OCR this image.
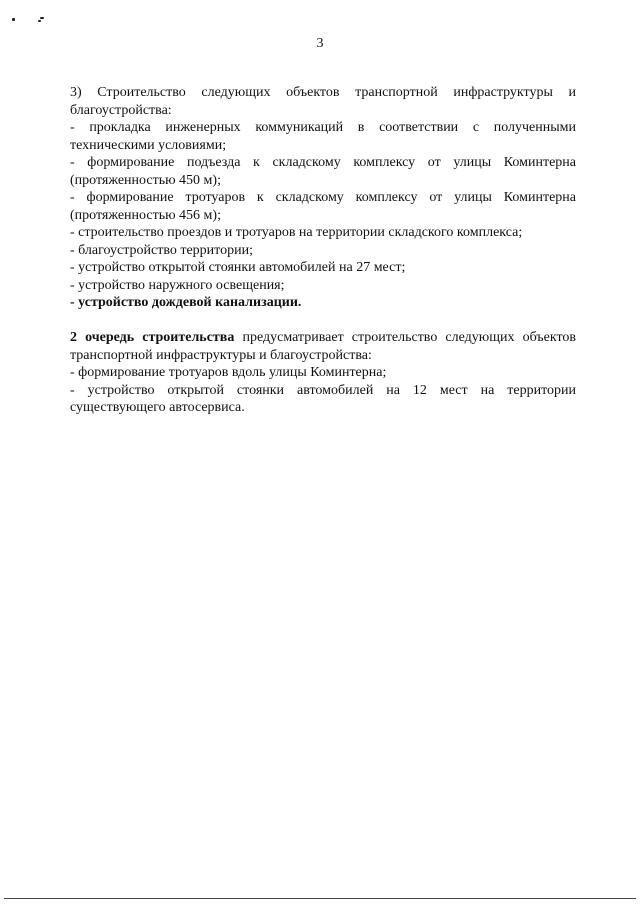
3

3) Строительство следующих объектов транспортной инфраструктуры и благоустройства:

- прокладка инженерных коммуникаций в соответствии с полученными техническими условиями;

- формирование подъезда к складскому комплексу от улицы Коминтерна (протяженностью 450 м);

- формирование тротуаров к складскому комплексу от улицы Коминтерна (протяженностью 456 м);

- строительство проездов и тротуаров на территории складского комплекса;

- благоустройство территории;

- устройство открытой стоянки автомобилей на 27 мест;

- устройство наружного освещения;

- устройство дождевой канализации.

2 очередь строительства предусматривает строительство следующих объектов транспортной инфраструктуры и благоустройства:

- формирование тротуаров вдоль улицы Коминтерна;

- устройство открытой стоянки автомобилей на 12 мест на территории существующего автосервиса.
